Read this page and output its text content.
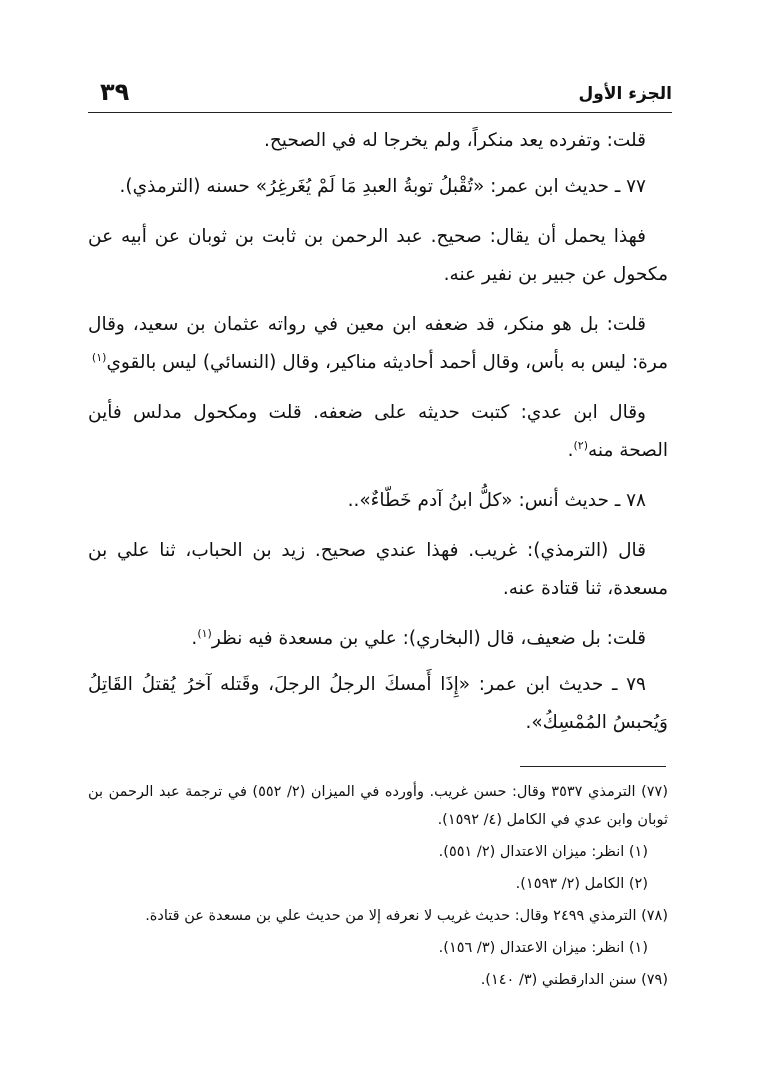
الجزء الأول
٣٩

قلت: وتفرده يعد منكراً، ولم يخرجا له في الصحيح.

٧٧ ـ حديث ابن عمر: «تُقْبلُ توبةُ العبدِ مَا لَمْ يُغَرغِرُ» حسنه (الترمذي).

فهذا يحمل أن يقال: صحيح. عبد الرحمن بن ثابت بن ثوبان عن أبيه عن مكحول عن جبير بن نفير عنه.

قلت: بل هو منكر، قد ضعفه ابن معين في رواته عثمان بن سعيد، وقال مرة: ليس به بأس، وقال أحمد أحاديثه مناكير، وقال (النسائي) ليس بالقوي$^{(١)}$

وقال ابن عدي: كتبت حديثه على ضعفه. قلت ومكحول مدلس فأين الصحة منه$^{(٢)}$.

٧٨ ـ حديث أنس: «كلُّ ابنُ آدم خَطّاءٌ»..

قال (الترمذي): غريب. فهذا عندي صحيح. زيد بن الحباب، ثنا علي بن مسعدة، ثنا قتادة عنه.

قلت: بل ضعيف، قال (البخاري): علي بن مسعدة فيه نظر$^{(١)}$.

٧٩ ـ حديث ابن عمر: «إِذَا أَمسكَ الرجلُ الرجلَ، وقَتله آخرُ يُقتلُ القَاتِلُ وَيُحبسُ المُمْسِكُ».

(٧٧) الترمذي ٣٥٣٧ وقال: حسن غريب. وأورده في الميزان (٢/ ٥٥٢) في ترجمة عبد الرحمن بن ثوبان وابن عدي في الكامل (٤/ ١٥٩٢).

(١) انظر: ميزان الاعتدال (٢/ ٥٥١).

(٢) الكامل (٢/ ١٥٩٣).

(٧٨) الترمذي ٢٤٩٩ وقال: حديث غريب لا نعرفه إلا من حديث علي بن مسعدة عن قتادة.

(١) انظر: ميزان الاعتدال (٣/ ١٥٦).

(٧٩) سنن الدارقطني (٣/ ١٤٠).
